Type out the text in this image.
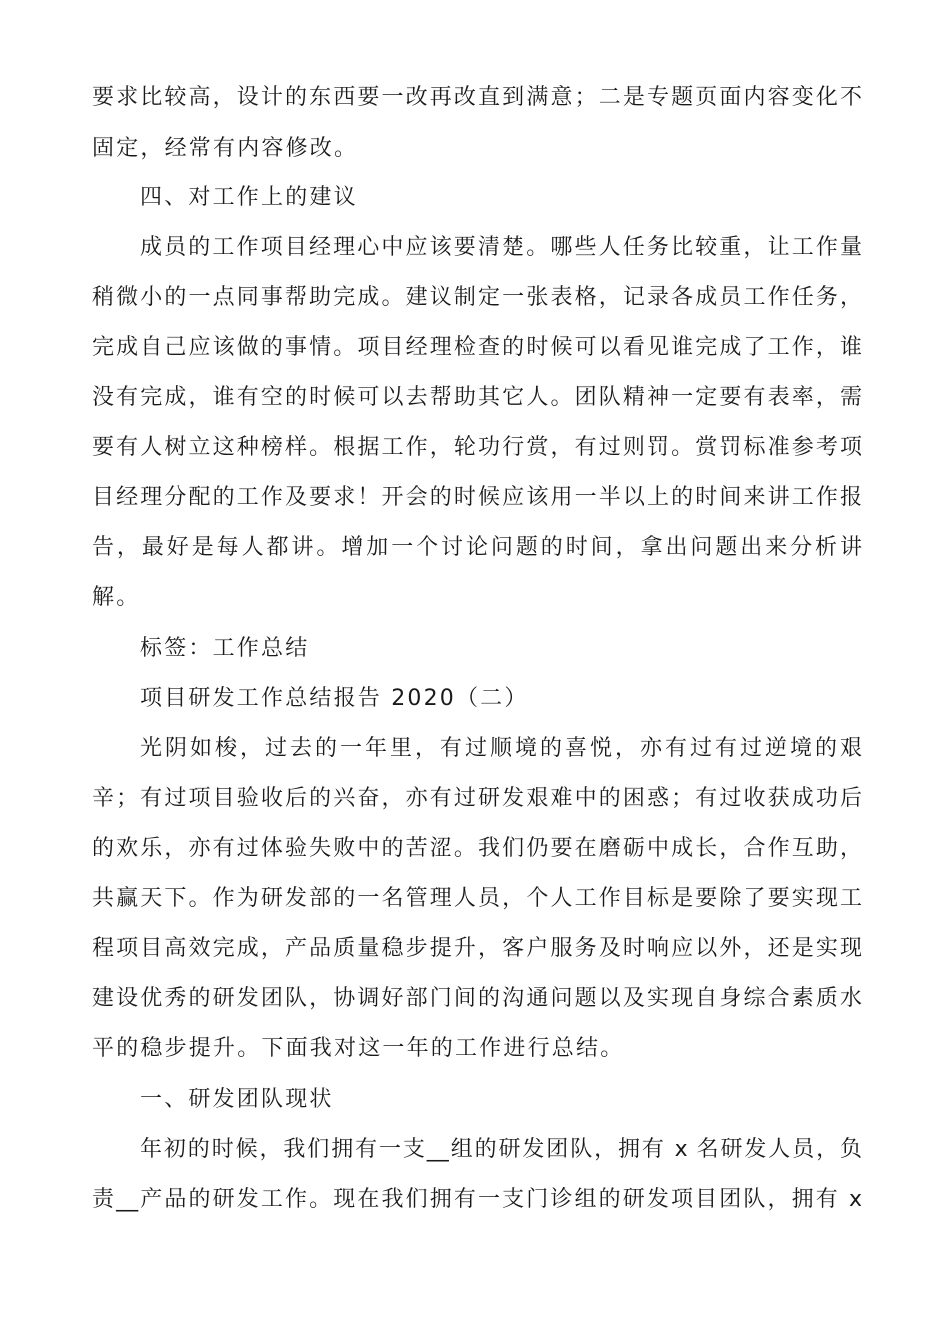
要求比较高，设计的东西要一改再改直到满意；二是专题页面内容变化不
固定，经常有内容修改。
四、对工作上的建议
成员的工作项目经理心中应该要清楚。哪些人任务比较重，让工作量
稍微小的一点同事帮助完成。建议制定一张表格，记录各成员工作任务，
完成自己应该做的事情。项目经理检查的时候可以看见谁完成了工作，谁
没有完成，谁有空的时候可以去帮助其它人。团队精神一定要有表率，需
要有人树立这种榜样。根据工作，轮功行赏，有过则罚。赏罚标准参考项
目经理分配的工作及要求！开会的时候应该用一半以上的时间来讲工作报
告，最好是每人都讲。增加一个讨论问题的时间，拿出问题出来分析讲
解。
标签：工作总结
项目研发工作总结报告 2020（二）
光阴如梭，过去的一年里，有过顺境的喜悦，亦有过有过逆境的艰
辛；有过项目验收后的兴奋，亦有过研发艰难中的困惑；有过收获成功后
的欢乐，亦有过体验失败中的苦涩。我们仍要在磨砺中成长，合作互助，
共赢天下。作为研发部的一名管理人员，个人工作目标是要除了要实现工
程项目高效完成，产品质量稳步提升，客户服务及时响应以外，还是实现
建设优秀的研发团队，协调好部门间的沟通问题以及实现自身综合素质水
平的稳步提升。下面我对这一年的工作进行总结。
一、研发团队现状
年初的时候，我们拥有一支__组的研发团队，拥有 x 名研发人员，负
责__产品的研发工作。现在我们拥有一支门诊组的研发项目团队，拥有 x
